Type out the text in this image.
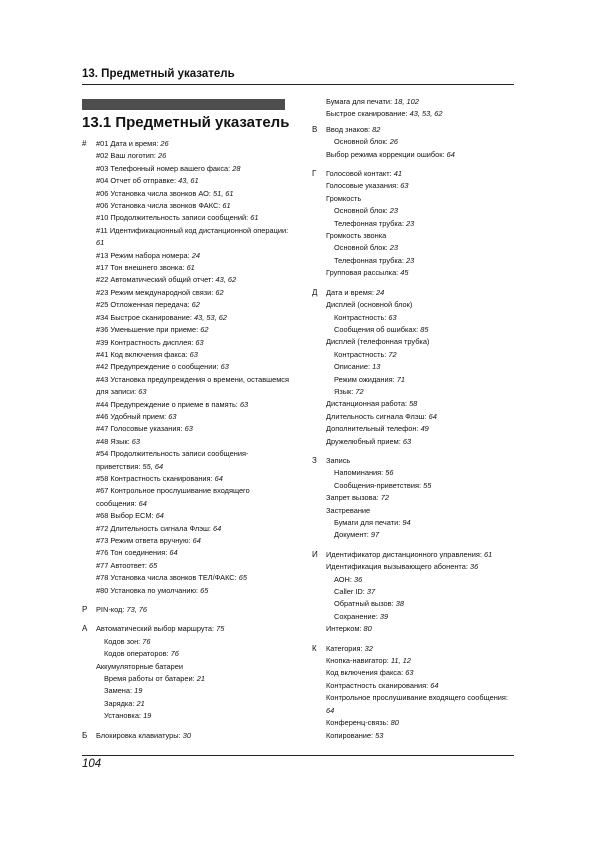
13. Предметный указатель
13.1 Предметный указатель
# #01 Дата и время: 26
#02 Ваш логотип: 26
#03 Телефонный номер вашего факса: 28
#04 Отчет об отправке: 43, 61
#06 Установка числа звонков АО: 51, 61
#06 Установка числа звонков ФАКС: 61
#10 Продолжительность записи сообщений: 61
#11 Идентификационный код дистанционной операции: 61
#13 Режим набора номера: 24
#17 Тон внешнего звонка: 61
#22 Автоматический общий отчет: 43, 62
#23 Режим международной связи: 62
#25 Отложенная передача: 62
#34 Быстрое сканирование: 43, 53, 62
#36 Уменьшение при приеме: 62
#39 Контрастность дисплея: 63
#41 Код включения факса: 63
#42 Предупреждение о сообщении: 63
#43 Установка предупреждения о времени, оставшемся для записи: 63
#44 Предупреждение о приеме в память: 63
#46 Удобный прием: 63
#47 Голосовые указания: 63
#48 Язык: 63
#54 Продолжительность записи сообщения-приветствия: 55, 64
#58 Контрастность сканирования: 64
#67 Контрольное прослушивание входящего сообщения: 64
#68 Выбор ECM: 64
#72 Длительность сигнала Флэш: 64
#73 Режим ответа вручную: 64
#76 Тон соединения: 64
#77 Автоответ: 65
#78 Установка числа звонков ТЕЛ/ФАКС: 65
#80 Установка по умолчанию: 65
P PIN-код: 73, 76
А Автоматический выбор маршрута: 75
Кодов зон: 76
Кодов операторов: 76
Аккумуляторные батареи
Время работы от батареи: 21
Замена: 19
Зарядка: 21
Установка: 19
Б Блокировка клавиатуры: 30
Бумага для печати: 18, 102
Быстрое сканирование: 43, 53, 62
В Ввод знаков: 82
Основной блок: 26
Выбор режима коррекции ошибок: 64
Г Голосовой контакт: 41
Голосовые указания: 63
Громкость
Основной блок: 23
Телефонная трубка: 23
Громкость звонка
Основной блок: 23
Телефонная трубка: 23
Групповая рассылка: 45
Д Дата и время: 24
Дисплей (основной блок)
Контрастность: 63
Сообщения об ошибках: 85
Дисплей (телефонная трубка)
Контрастность: 72
Описание: 13
Режим ожидания: 71
Язык: 72
Дистанционная работа: 58
Длительность сигнала Флэш: 64
Дополнительный телефон: 49
Дружелюбный прием: 63
З Запись
Напоминания: 56
Сообщения-приветствия: 55
Запрет вызова: 72
Застревание
Бумаги для печати: 94
Документ: 97
И Идентификатор дистанционного управления: 61
Идентификация вызывающего абонента: 36
АОН: 36
Caller ID: 37
Обратный вызов: 38
Сохранение: 39
Интерком: 80
К Категория: 32
Кнопка-навигатор: 11, 12
Код включения факса: 63
Контрастность сканирования: 64
Контрольное прослушивание входящего сообщения: 64
Конференц-связь: 80
Копирование: 53
104
